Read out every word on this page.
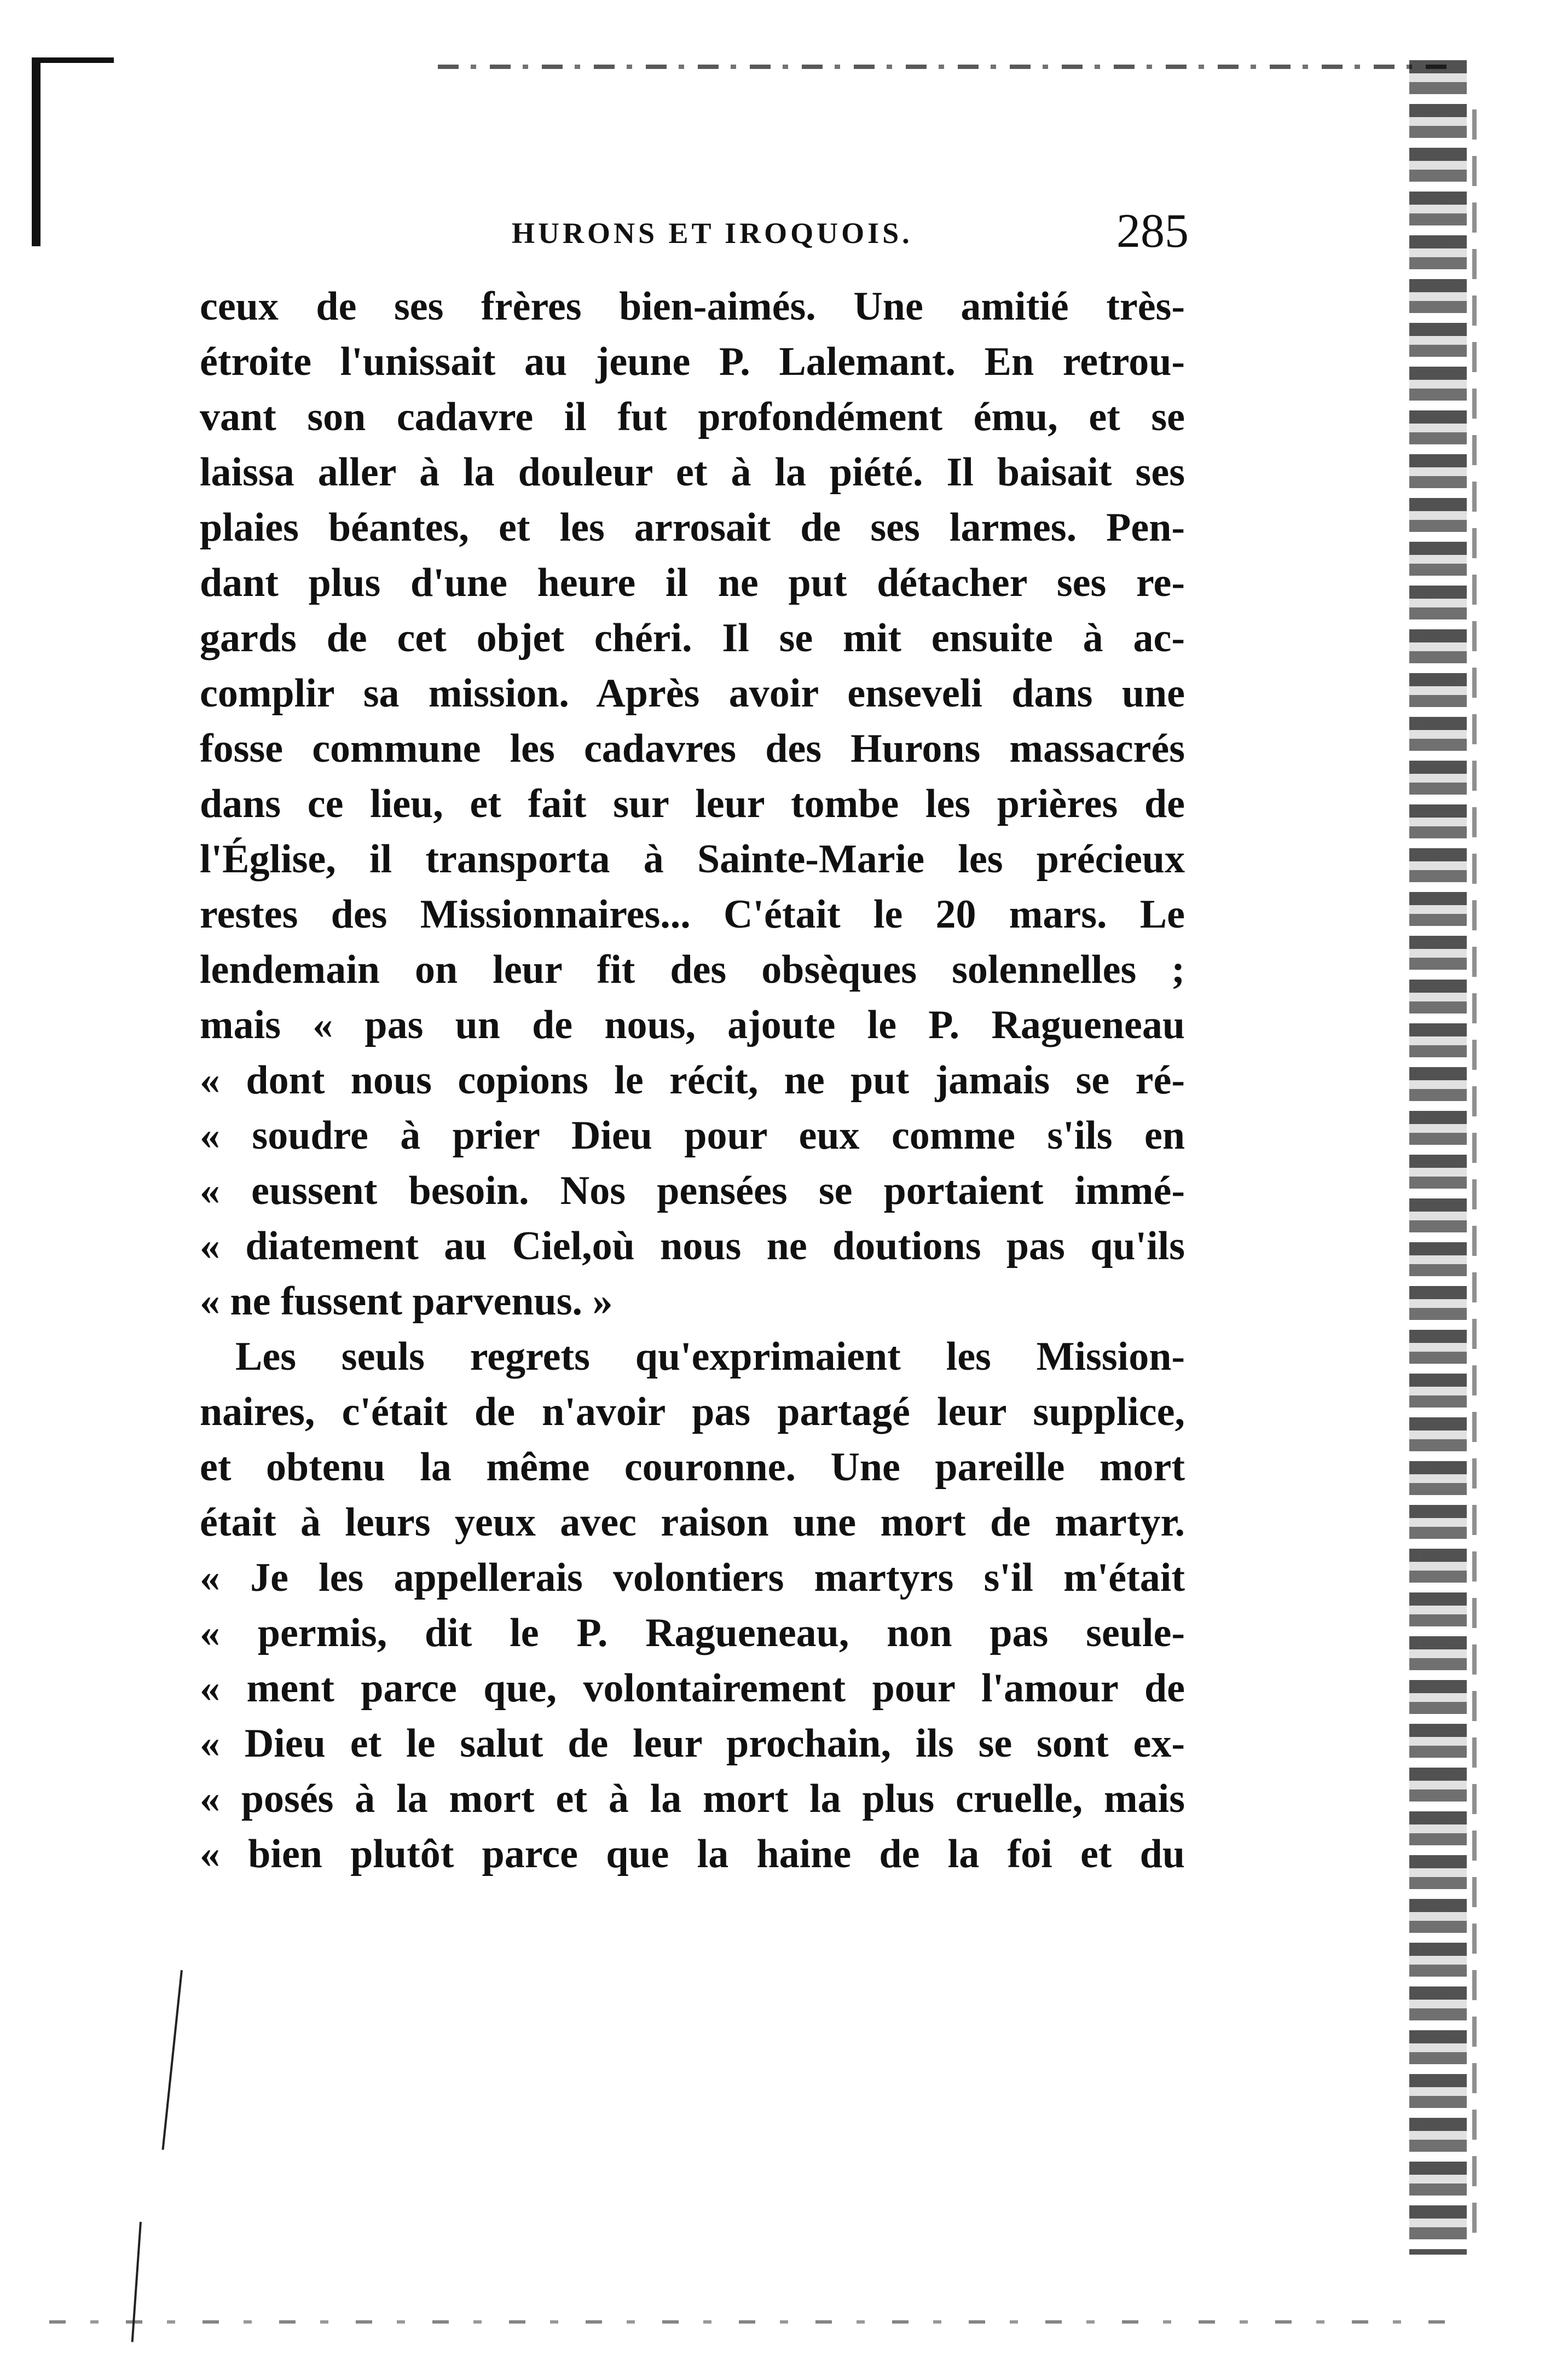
HURONS ET IROQUOIS.	285
ceux de ses frères bien-aimés. Une amitié très-
étroite l'unissait au jeune P. Lalemant. En retrou-
vant son cadavre il fut profondément ému, et se
laissa aller à la douleur et à la piété. Il baisait ses
plaies béantes, et les arrosait de ses larmes. Pen-
dant plus d'une heure il ne put détacher ses re-
gards de cet objet chéri. Il se mit ensuite à ac-
complir sa mission. Après avoir enseveli dans une
fosse commune les cadavres des Hurons massacrés
dans ce lieu, et fait sur leur tombe les prières de
l'Église, il transporta à Sainte-Marie les précieux
restes des Missionnaires... C'était le 20 mars. Le
lendemain on leur fit des obsèques solennelles ;
mais « pas un de nous, ajoute le P. Ragueneau
« dont nous copions le récit, ne put jamais se ré-
« soudre à prier Dieu pour eux comme s'ils en
« eussent besoin. Nos pensées se portaient immé-
« diatement au Ciel,où nous ne doutions pas qu'ils
« ne fussent parvenus. »
Les seuls regrets qu'exprimaient les Mission-
naires, c'était de n'avoir pas partagé leur supplice,
et obtenu la même couronne. Une pareille mort
était à leurs yeux avec raison une mort de martyr.
« Je les appellerais volontiers martyrs s'il m'était
« permis, dit le P. Ragueneau, non pas seule-
« ment parce que, volontairement pour l'amour de
« Dieu et le salut de leur prochain, ils se sont ex-
« posés à la mort et à la mort la plus cruelle, mais
« bien plutôt parce que la haine de la foi et du
